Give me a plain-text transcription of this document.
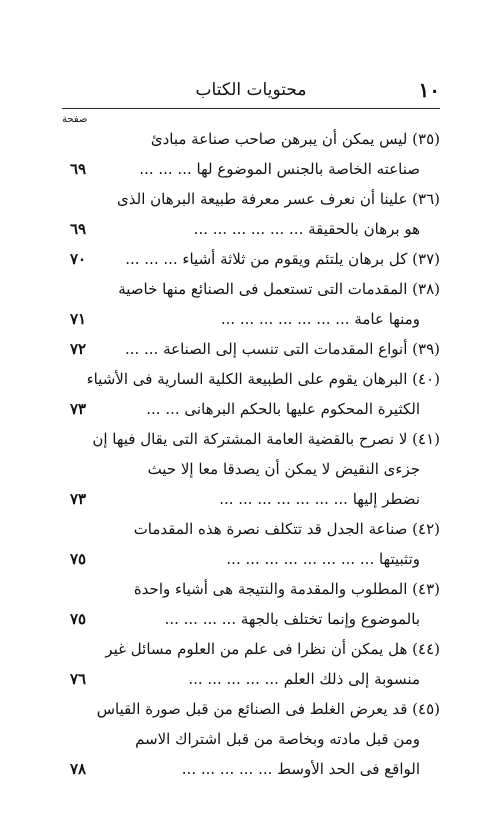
١٠
محتويات الكتاب
صفحة
(٣٥) ليس يمكن أن يبرهن صاحب صناعة مبادئ
صناعته الخاصة بالجنس الموضوع لها ... ... ...
٦٩
(٣٦) علينا أن نعرف عسر معرفة طبيعة البرهان الذى
هو برهان بالحقيقة ... ... ... ... ... ...
٦٩
(٣٧) كل برهان يلتئم ويقوم من ثلاثة أشياء ... ... ...
٧٠
(٣٨) المقدمات التى تستعمل فى الصنائع منها خاصية
ومنها عامة ... ... ... ... ... ... ...
٧١
(٣٩) أنواع المقدمات التى تنسب إلى الصناعة ... ...
٧٢
(٤٠) البرهان يقوم على الطبيعة الكلية السارية فى الأشياء
الكثيرة المحكوم عليها بالحكم البرهانى ... ...
٧٣
(٤١) لا نصرح بالقضية العامة المشتركة التى يقال فيها إن
جزءى النقيض لا يمكن أن يصدقا معا إلا حيث
نضطر إليها ... ... ... ... ... ... ...
٧٣
(٤٢) صناعة الجدل قد تتكلف نصرة هذه المقدمات
وتثبيتها ... ... ... ... ... ... ... ...
٧٥
(٤٣) المطلوب والمقدمة والنتيجة هى أشياء واحدة
بالموضوع وإنما تختلف بالجهة ... ... ... ...
٧٥
(٤٤) هل يمكن أن نظرا فى علم من العلوم مسائل غير
منسوبة إلى ذلك العلم ... ... ... ... ...
٧٦
(٤٥) قد يعرض الغلط فى الصنائع من قبل صورة القياس
ومن قبل مادته وبخاصة من قبل اشتراك الاسم
الواقع فى الحد الأوسط ... ... ... ... ...
٧٨
